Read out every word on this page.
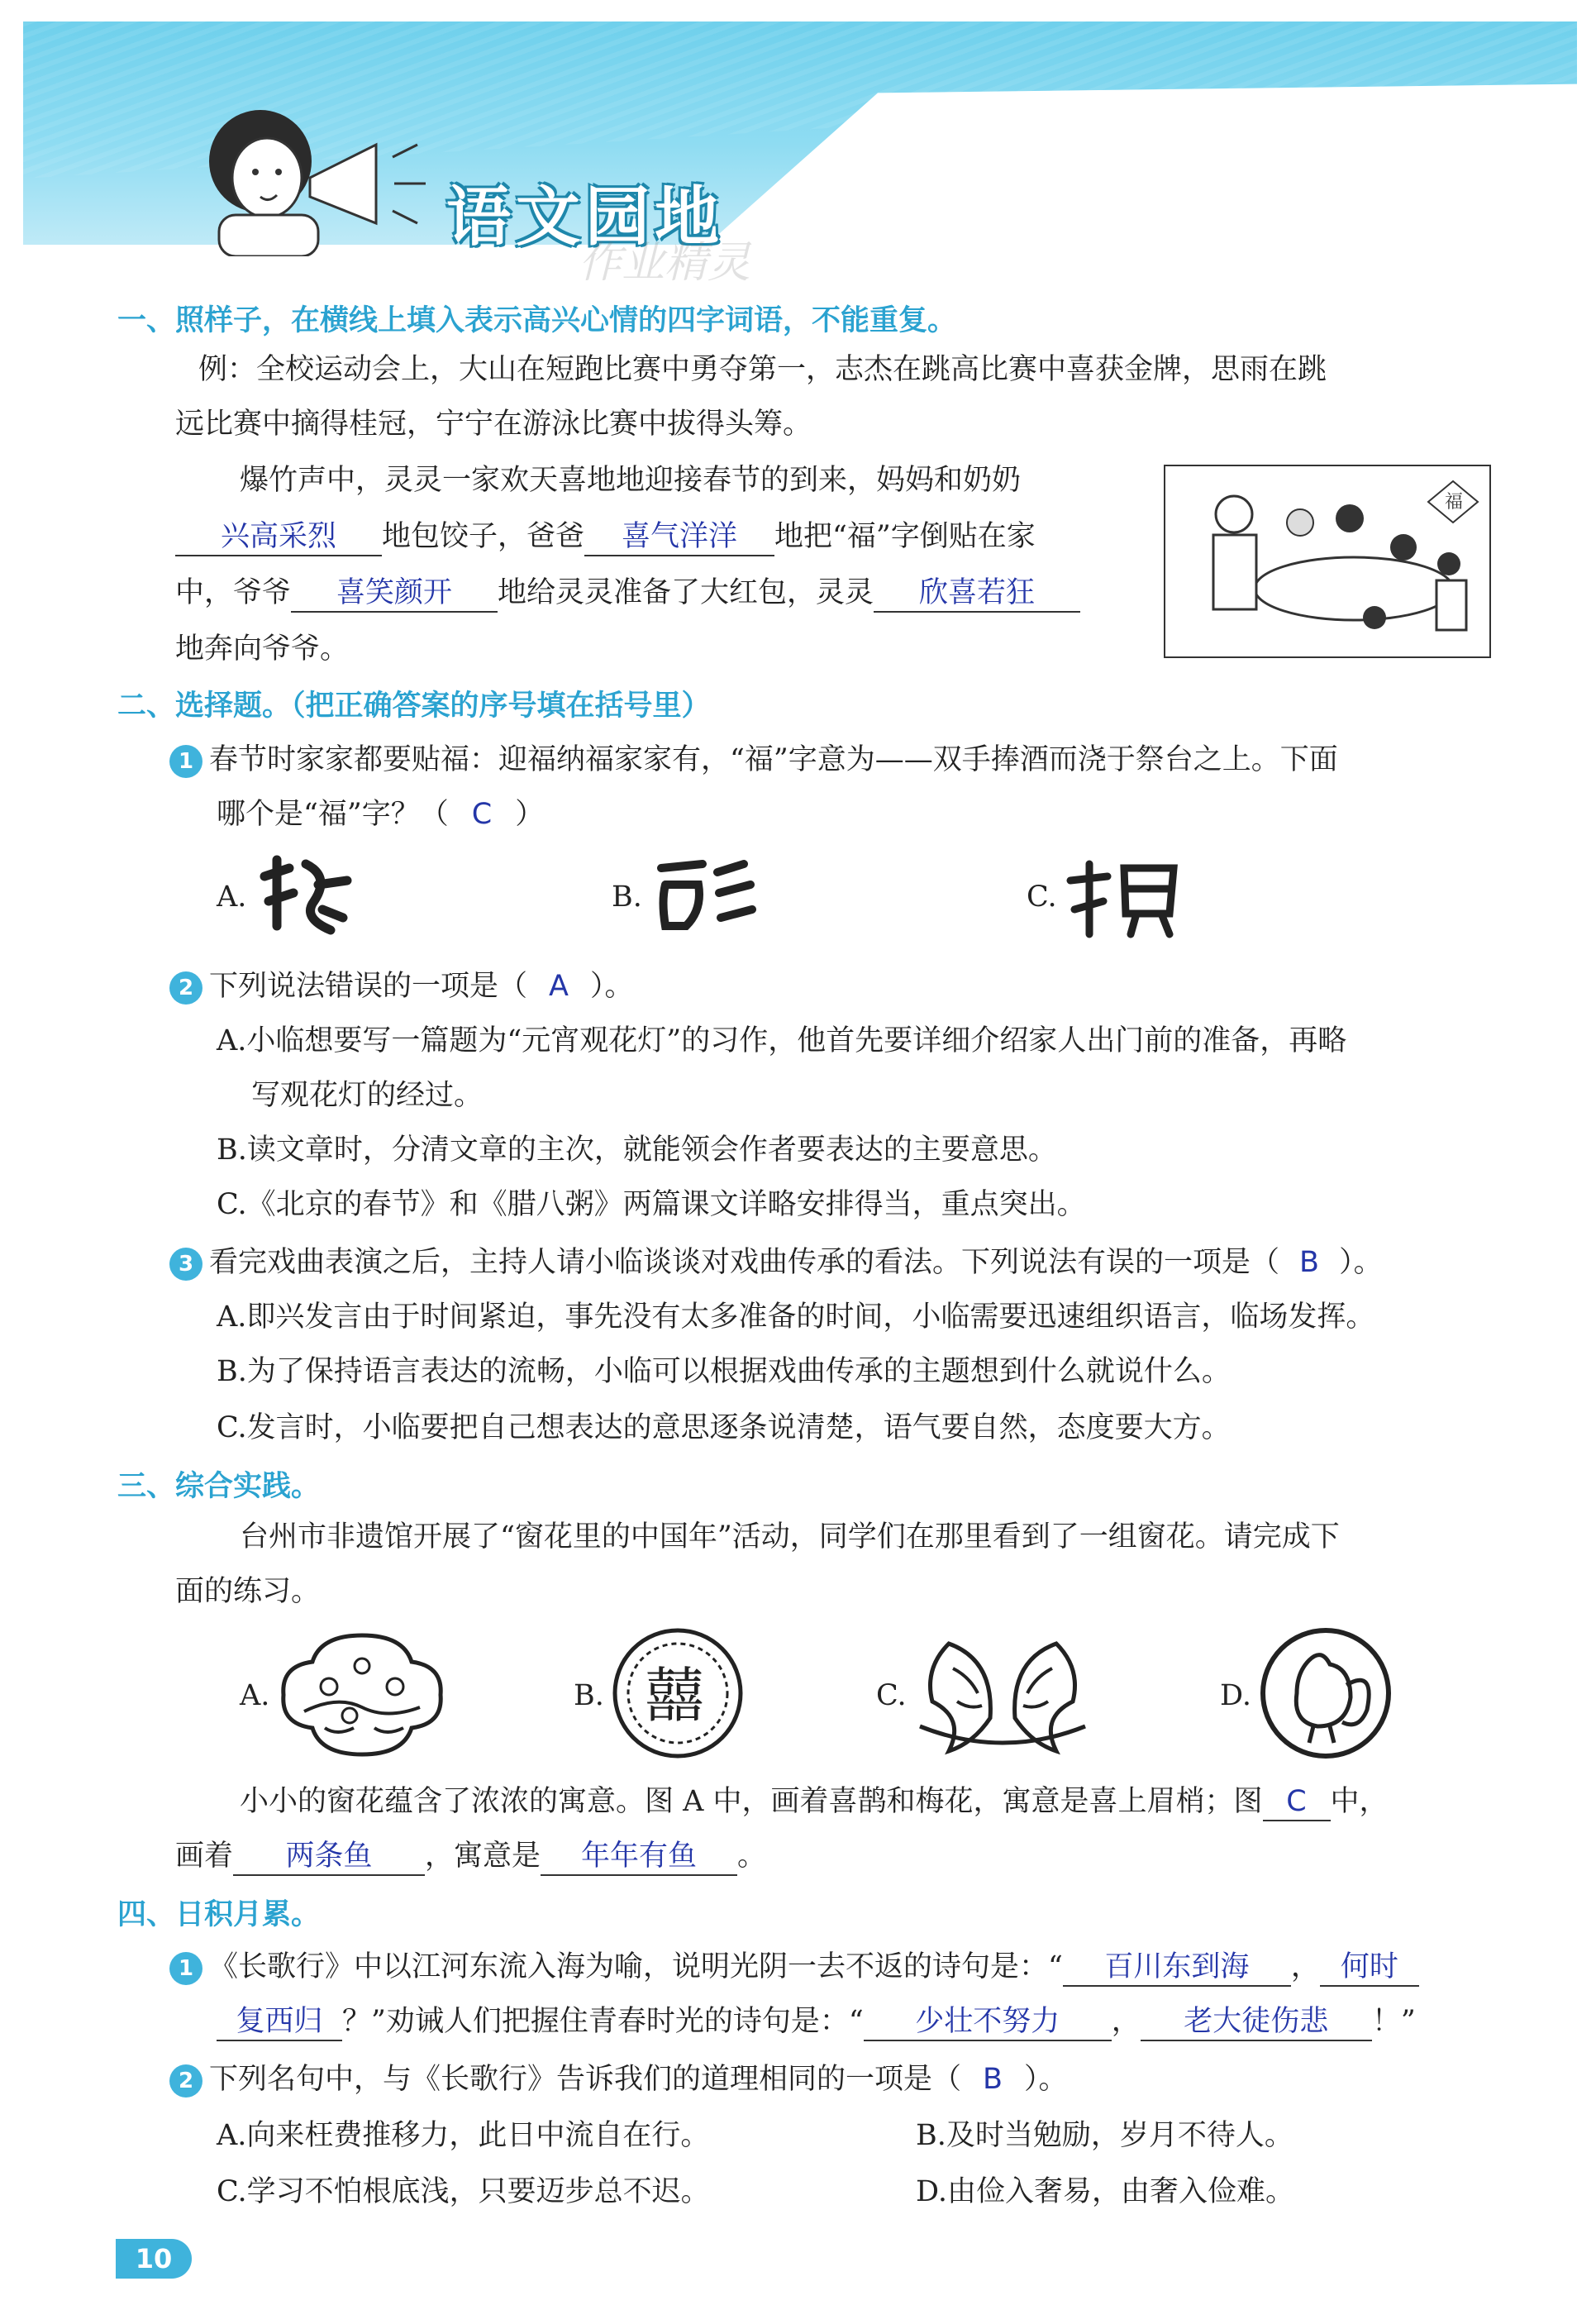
语文园地
作业精灵
一、照样子，在横线上填入表示高兴心情的四字词语，不能重复。
例：全校运动会上，大山在短跑比赛中勇夺第一，志杰在跳高比赛中喜获金牌，思雨在跳
远比赛中摘得桂冠，宁宁在游泳比赛中拔得头筹。
爆竹声中，灵灵一家欢天喜地地迎接春节的到来，妈妈和奶奶
兴高采烈 地包饺子，爸爸 喜气洋洋 地把“福”字倒贴在家
中，爷爷 喜笑颜开 地给灵灵准备了大红包，灵灵 欣喜若狂
地奔向爷爷。
福
二、选择题。（把正确答案的序号填在括号里）
1 春节时家家都要贴福：迎福纳福家家有，“福”字意为——双手捧酒而浇于祭台之上。下面
哪个是“福”字？（ C ）
A.	B.	C.
2 下列说法错误的一项是（ A ）。
A.小临想要写一篇题为“元宵观花灯”的习作，他首先要详细介绍家人出门前的准备，再略
写观花灯的经过。
B.读文章时，分清文章的主次，就能领会作者要表达的主要意思。
C.《北京的春节》和《腊八粥》两篇课文详略安排得当，重点突出。
3 看完戏曲表演之后，主持人请小临谈谈对戏曲传承的看法。下列说法有误的一项是（ B ）。
A.即兴发言由于时间紧迫，事先没有太多准备的时间，小临需要迅速组织语言，临场发挥。
B.为了保持语言表达的流畅，小临可以根据戏曲传承的主题想到什么就说什么。
C.发言时，小临要把自己想表达的意思逐条说清楚，语气要自然，态度要大方。
三、综合实践。
台州市非遗馆开展了“窗花里的中国年”活动，同学们在那里看到了一组窗花。请完成下
面的练习。
A.	B. 囍	C.	D.
小小的窗花蕴含了浓浓的寓意。图 A 中，画着喜鹊和梅花，寓意是喜上眉梢；图 C 中，
画着 两条鱼 ，寓意是 年年有鱼 。
四、日积月累。
1 《长歌行》中以江河东流入海为喻，说明光阴一去不返的诗句是：“ 百川东到海 ， 何时
复西归 ？”劝诫人们把握住青春时光的诗句是：“ 少壮不努力 ， 老大徒伤悲 ！”
2 下列名句中，与《长歌行》告诉我们的道理相同的一项是（ B ）。
A.向来枉费推移力，此日中流自在行。	B.及时当勉励，岁月不待人。
C.学习不怕根底浅，只要迈步总不迟。	D.由俭入奢易，由奢入俭难。
10
